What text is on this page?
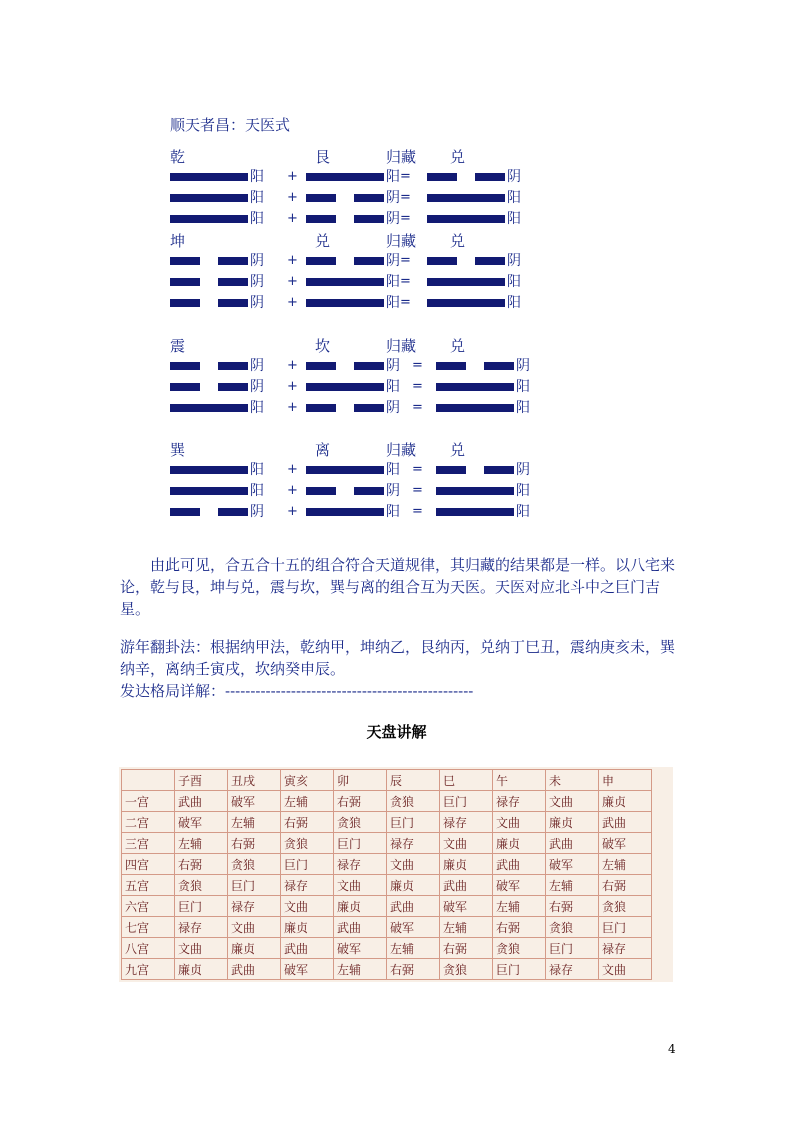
顺天者昌：天医式
乾	艮	归藏 兑
阳 +	阳 =	阴
阳 +	阴 =	阳
阳 +	阴 =	阳
坤	兑	归藏 兑
阴 +	阴 =	阴
阴 +	阳 =	阳
阴 +	阳 =	阳
震	坎	归藏 兑
阴 +	阴 =	阴
阴 +	阳 =	阳
阳 +	阴 =	阳
巽	离	归藏 兑
阳 +	阳 =	阴
阳 +	阴 =	阳
阴 +	阳 =	阳
　　由此可见，合五合十五的组合符合天道规律，其归藏的结果都是一样。以八宅来论，乾与艮，坤与兑，震与坎，巽与离的组合互为天医。天医对应北斗中之巨门吉星。
游年翻卦法：根据纳甲法，乾纳甲，坤纳乙，艮纳丙，兑纳丁巳丑，震纳庚亥未，巽纳辛，离纳壬寅戌，坎纳癸申辰。
发达格局详解：-------------------------------------------------
天盘讲解
	子酉	丑戌	寅亥	卯	辰	巳	午	未	申
一宫	武曲	破军	左辅	右弼	贪狼	巨门	禄存	文曲	廉贞
二宫	破军	左辅	右弼	贪狼	巨门	禄存	文曲	廉贞	武曲
三宫	左辅	右弼	贪狼	巨门	禄存	文曲	廉贞	武曲	破军
四宫	右弼	贪狼	巨门	禄存	文曲	廉贞	武曲	破军	左辅
五宫	贪狼	巨门	禄存	文曲	廉贞	武曲	破军	左辅	右弼
六宫	巨门	禄存	文曲	廉贞	武曲	破军	左辅	右弼	贪狼
七宫	禄存	文曲	廉贞	武曲	破军	左辅	右弼	贪狼	巨门
八宫	文曲	廉贞	武曲	破军	左辅	右弼	贪狼	巨门	禄存
九宫	廉贞	武曲	破军	左辅	右弼	贪狼	巨门	禄存	文曲
4
